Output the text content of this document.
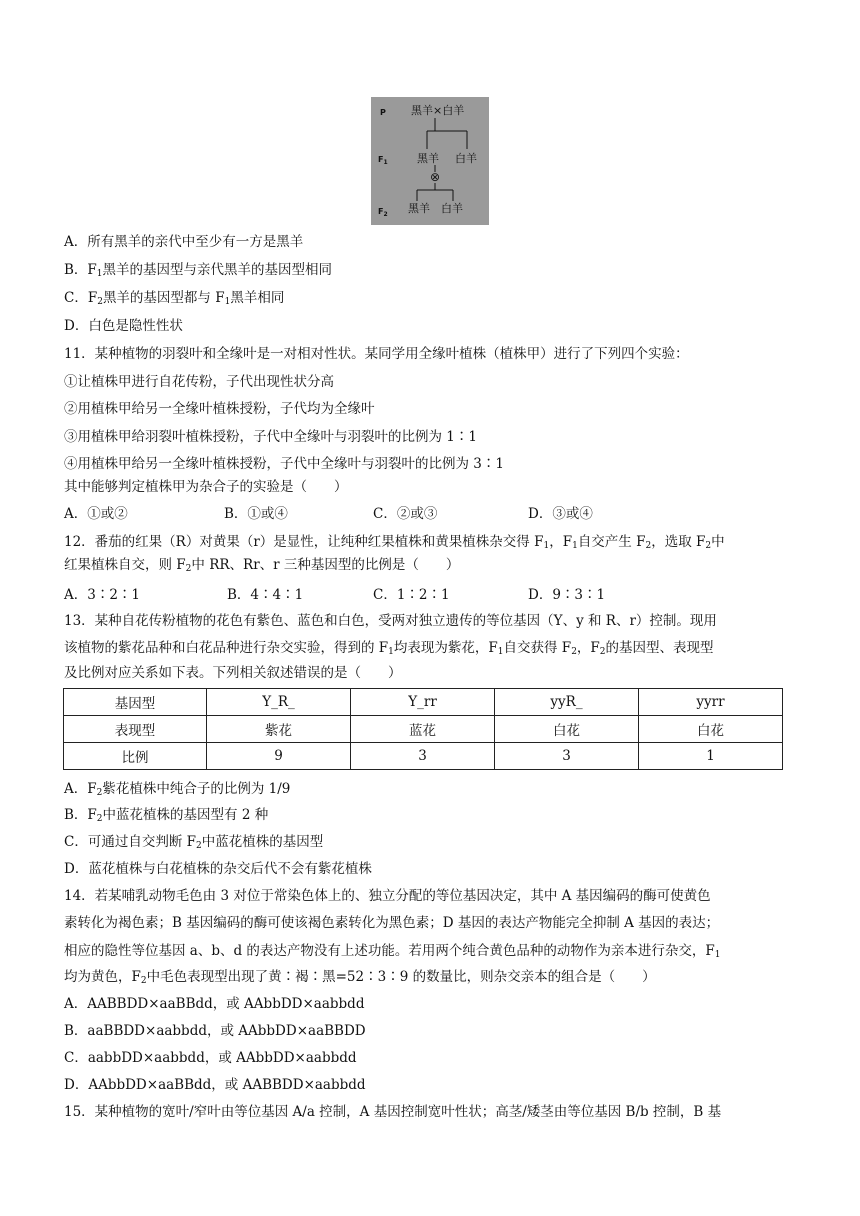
P 黑羊×白羊
$F_1$	黑羊 白羊
⊗
$F_2$ 黑羊 白羊
A．所有黑羊的亲代中至少有一方是黑羊
B．$F_1$黑羊的基因型与亲代黑羊的基因型相同
C．$F_2$黑羊的基因型都与 $F_1$黑羊相同
D．白色是隐性性状
11．某种植物的羽裂叶和全缘叶是一对相对性状。某同学用全缘叶植株（植株甲）进行了下列四个实验：
①让植株甲进行自花传粉，子代出现性状分高
②用植株甲给另一全缘叶植株授粉，子代均为全缘叶
③用植株甲给羽裂叶植株授粉，子代中全缘叶与羽裂叶的比例为 1∶1
④用植株甲给另一全缘叶植株授粉，子代中全缘叶与羽裂叶的比例为 3∶1
其中能够判定植株甲为杂合子的实验是（　　）
A．①或②	B．①或④	C．②或③	D．③或④
12．番茄的红果（R）对黄果（r）是显性，让纯种红果植株和黄果植株杂交得 $F_1$，$F_1$自交产生 $F_2$，选取 $F_2$中
红果植株自交，则 $F_2$中 RR、Rr、r 三种基因型的比例是（　　）
A．3∶2∶1	B．4∶4∶1	C．1∶2∶1	D．9∶3∶1
13．某种自花传粉植物的花色有紫色、蓝色和白色，受两对独立遗传的等位基因（Y、y 和 R、r）控制。现用
该植物的紫花品种和白花品种进行杂交实验，得到的 $F_1$均表现为紫花，$F_1$自交获得 $F_2$，$F_2$的基因型、表现型
及比例对应关系如下表。下列相关叙述错误的是（　　）
基因型	Y_R_	Y_rr	yyR_	yyrr
表现型	紫花	蓝花	白花	白花
比例	9	3	3	1
A．$F_2$紫花植株中纯合子的比例为 1/9
B．$F_2$中蓝花植株的基因型有 2 种
C．可通过自交判断 $F_2$中蓝花植株的基因型
D．蓝花植株与白花植株的杂交后代不会有紫花植株
14．若某哺乳动物毛色由 3 对位于常染色体上的、独立分配的等位基因决定，其中 A 基因编码的酶可使黄色
素转化为褐色素；B 基因编码的酶可使该褐色素转化为黑色素；D 基因的表达产物能完全抑制 A 基因的表达；
相应的隐性等位基因 a、b、d 的表达产物没有上述功能。若用两个纯合黄色品种的动物作为亲本进行杂交，$F_1$
均为黄色，$F_2$中毛色表现型出现了黄∶褐∶黑=52∶3∶9 的数量比，则杂交亲本的组合是（　　）
A．AABBDD×aaBBdd，或 AAbbDD×aabbdd
B．aaBBDD×aabbdd，或 AAbbDD×aaBBDD
C．aabbDD×aabbdd，或 AAbbDD×aabbdd
D．AAbbDD×aaBBdd，或 AABBDD×aabbdd
15．某种植物的宽叶/窄叶由等位基因 A/a 控制，A 基因控制宽叶性状；高茎/矮茎由等位基因 B/b 控制，B 基
